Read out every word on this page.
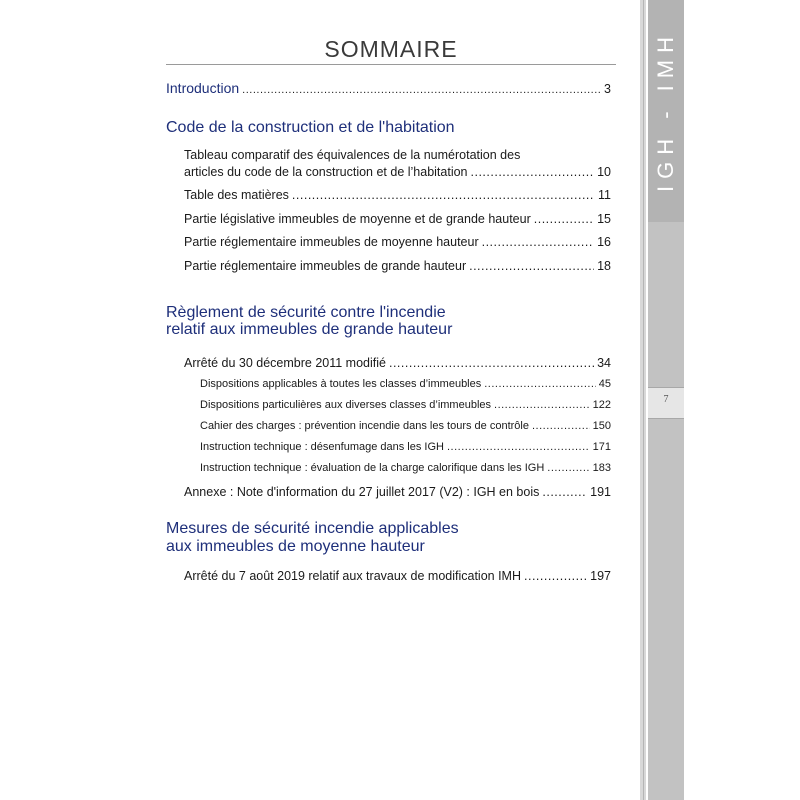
SOMMAIRE
Introduction .....	3
Code de la construction et de l'habitation
Tableau comparatif des équivalences de la numérotation des
articles du code de la construction et de l’habitation .....	10
Table des matières .....	11
Partie législative immeubles de moyenne et de grande hauteur .....	15
Partie réglementaire immeubles de moyenne hauteur .....	16
Partie réglementaire immeubles de grande hauteur .....	18
Règlement de sécurité contre l'incendie
relatif aux immeubles de grande hauteur
Arrêté du 30 décembre 2011 modifié .....	34
Dispositions applicables à toutes les classes d’immeubles .....	45
Dispositions particulières aux diverses classes d’immeubles .....	122
Cahier des charges : prévention incendie dans les tours de contrôle .....	150
Instruction technique : désenfumage dans les IGH .....	171
Instruction technique : évaluation de la charge calorifique dans les IGH .....	183
Annexe : Note d'information du 27 juillet 2017 (V2) : IGH en bois .....	191
Mesures de sécurité incendie applicables
aux immeubles de moyenne hauteur
Arrêté du 7 août 2019 relatif aux travaux de modification IMH .....	197
IGH - IMH
7
